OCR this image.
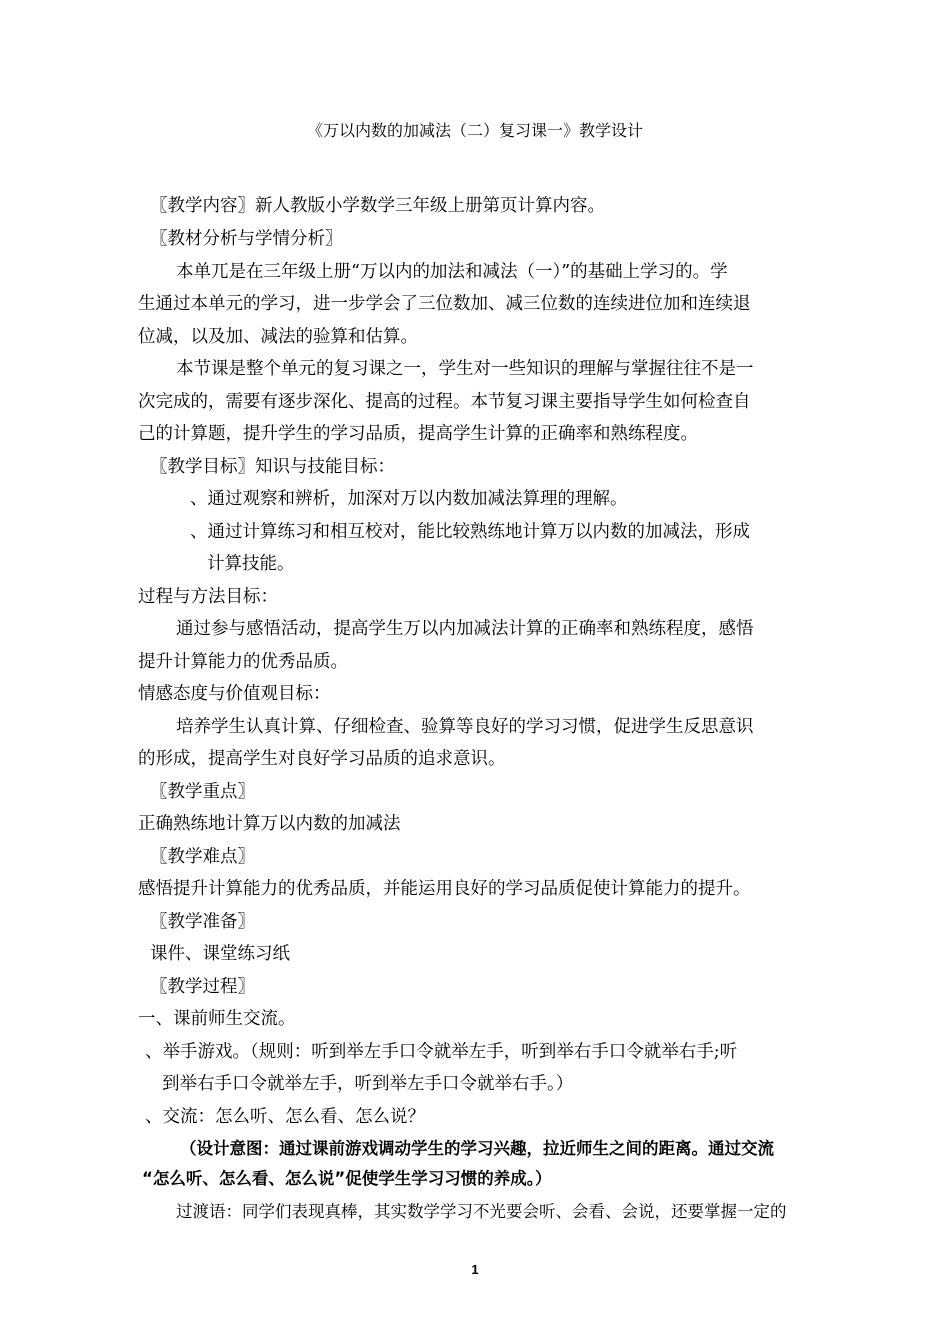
《万以内数的加减法（二）复习课一》教学设计
〖教学内容〗新人教版小学数学三年级上册第页计算内容。
〖教材分析与学情分析〗
本单兀是在三年级上册“万以内的加法和减法（一）”的基础上学习的。学
生通过本单元的学习，进一步学会了三位数加、减三位数的连续进位加和连续退
位减，以及加、减法的验算和估算。
本节课是整个单元的复习课之一，学生对一些知识的理解与掌握往往不是一
次完成的，需要有逐步深化、提高的过程。本节复习课主要指导学生如何检查自
己的计算题，提升学生的学习品质，提高学生计算的正确率和熟练程度。
〖教学目标〗知识与技能目标：
、通过观察和辨析，加深对万以内数加减法算理的理解。
、通过计算练习和相互校对，能比较熟练地计算万以内数的加减法，形成
计算技能。
过程与方法目标：
通过参与感悟活动，提高学生万以内加减法计算的正确率和熟练程度，感悟
提升计算能力的优秀品质。
情感态度与价值观目标：
培养学生认真计算、仔细检查、验算等良好的学习习惯，促进学生反思意识
的形成，提高学生对良好学习品质的追求意识。
〖教学重点〗
正确熟练地计算万以内数的加减法
〖教学难点〗
感悟提升计算能力的优秀品质，并能运用良好的学习品质促使计算能力的提升。
〖教学准备〗
课件、课堂练习纸
〖教学过程〗
一、课前师生交流。
、举手游戏。（规则：听到举左手口令就举左手，听到举右手口令就举右手;听
到举右手口令就举左手，听到举左手口令就举右手。）
、交流：怎么听、怎么看、怎么说？
（设计意图：通过课前游戏调动学生的学习兴趣，拉近师生之间的距离。通过交流
“怎么听、怎么看、怎么说”促使学生学习习惯的养成。）
过渡语：同学们表现真棒，其实数学学习不光要会听、会看、会说，还要掌握一定的
1
